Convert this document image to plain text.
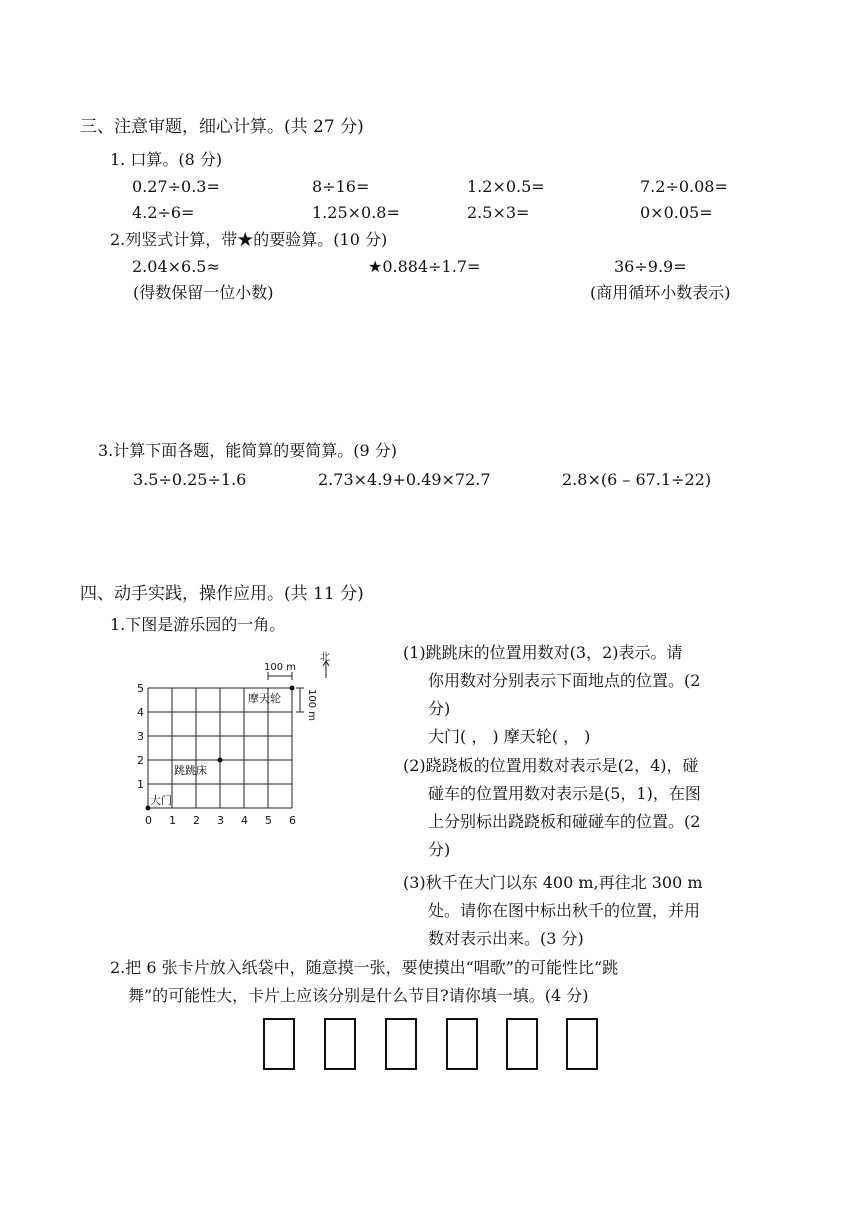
三、注意审题，细心计算。(共 27 分)
1. 口算。(8 分)
0.27÷0.3=	8÷16=	1.2×0.5=	7.2÷0.08=
4.2÷6=	1.25×0.8=	2.5×3=	0×0.05=
2.列竖式计算，带★的要验算。(10 分)
2.04×6.5≈	★0.884÷1.7=	36÷9.9=
(得数保留一位小数)	(商用循环小数表示)
3.计算下面各题，能简算的要简算。(9 分)
3.5÷0.25÷1.6	2.73×4.9+0.49×72.7	2.8×(6 – 67.1÷22)
四、动手实践，操作应用。(共 11 分)
1.下图是游乐园的一角。
0 1 2 3 4 5 6
1
2
3
4
5
100 m
100 m
北
摩天轮
跳跳床
大门
(1)跳跳床的位置用数对(3，2)表示。请
你用数对分别表示下面地点的位置。(2
分)
大门( ， ) 摩天轮( ， )
(2)跷跷板的位置用数对表示是(2，4)，碰
碰车的位置用数对表示是(5，1)，在图
上分别标出跷跷板和碰碰车的位置。(2
分)
(3)秋千在大门以东 400 m,再往北 300 m
处。请你在图中标出秋千的位置，并用
数对表示出来。(3 分)
2.把 6 张卡片放入纸袋中，随意摸一张，要使摸出“唱歌”的可能性比“跳
舞”的可能性大，卡片上应该分别是什么节目?请你填一填。(4 分)
